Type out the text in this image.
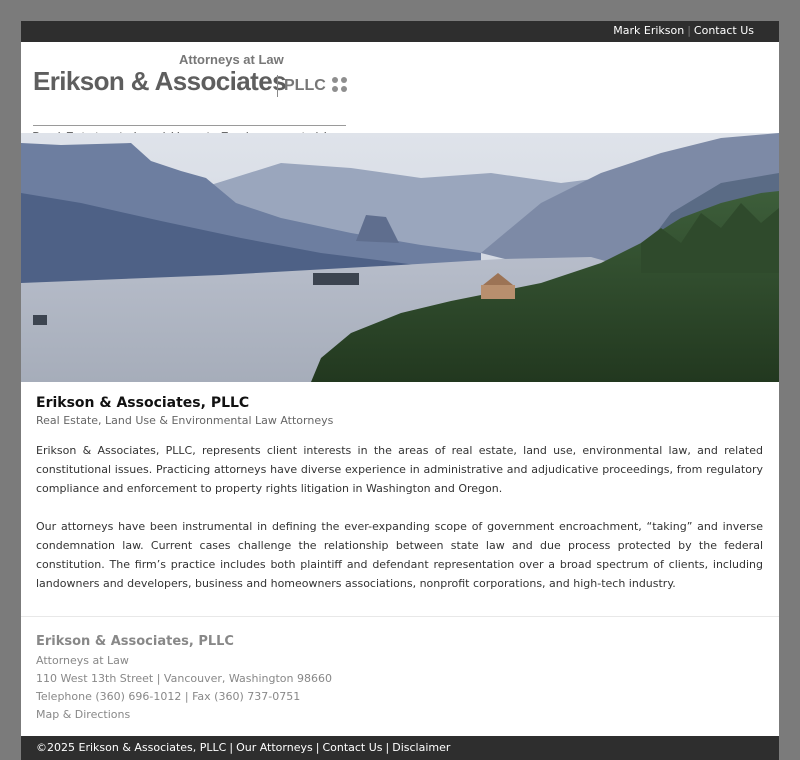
Mark Erikson | Contact Us
Attorneys at Law
Erikson & Associates
PLLC
Erikson & Associates, PLLC
Real Estate, Land Use & Environmental Law Attorneys

Erikson & Associates, PLLC, represents client interests in the areas of real estate, land use, environmental law, and related constitutional issues. Practicing attorneys have diverse experience in administrative and adjudicative proceedings, from regulatory compliance and enforcement to property rights litigation in Washington and Oregon.

Our attorneys have been instrumental in defining the ever-expanding scope of government encroachment, “taking” and inverse condemnation law. Current cases challenge the relationship between state law and due process protected by the federal constitution. The firm’s practice includes both plaintiff and defendant representation over a broad spectrum of clients, including landowners and developers, business and homeowners associations, nonprofit corporations, and high-tech industry.

Erikson & Associates, PLLC
Attorneys at Law
110 West 13th Street | Vancouver, Washington 98660
Telephone (360) 696-1012 | Fax (360) 737-0751
Map & Directions
©2025 Erikson & Associates, PLLC | Our Attorneys | Contact Us | Disclaimer
